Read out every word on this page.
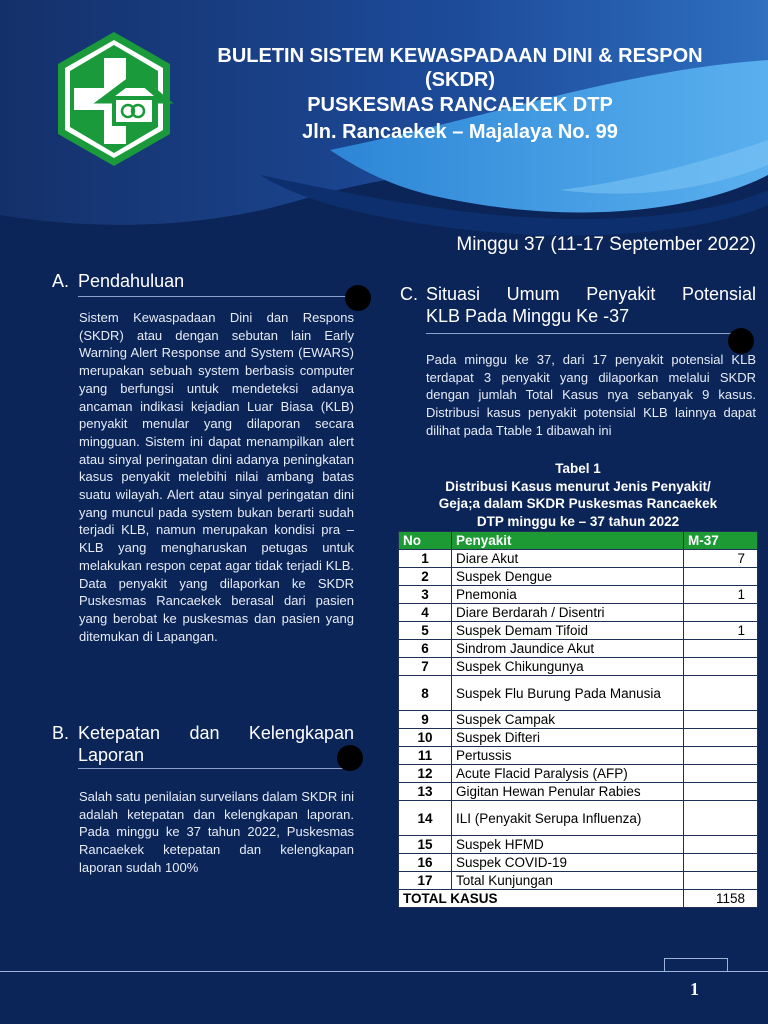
BULETIN SISTEM KEWASPADAAN DINI & RESPON
(SKDR)
PUSKESMAS RANCAEKEK DTP
Jln. Rancaekek – Majalaya No. 99
Minggu 37 (11-17 September 2022)
A. Pendahuluan
Sistem Kewaspadaan Dini dan Respons (SKDR) atau dengan sebutan lain Early Warning Alert Response and System (EWARS) merupakan sebuah system berbasis computer yang berfungsi untuk mendeteksi adanya ancaman indikasi kejadian Luar Biasa (KLB) penyakit menular yang dilaporan secara mingguan. Sistem ini dapat menampilkan alert atau sinyal peringatan dini adanya peningkatan kasus penyakit melebihi nilai ambang batas suatu wilayah. Alert atau sinyal peringatan dini yang muncul pada system bukan berarti sudah terjadi KLB, namun merupakan kondisi pra – KLB yang mengharuskan petugas untuk melakukan respon cepat agar tidak terjadi KLB. Data penyakit yang dilaporkan ke SKDR Puskesmas Rancaekek berasal dari pasien yang berobat ke puskesmas dan pasien yang ditemukan di Lapangan.
B. Ketepatan dan Kelengkapan
Laporan
Salah satu penilaian surveilans dalam SKDR ini adalah ketepatan dan kelengkapan laporan. Pada minggu ke 37 tahun 2022, Puskesmas Rancaekek ketepatan dan kelengkapan laporan sudah 100%
C. Situasi Umum Penyakit Potensial
KLB Pada Minggu Ke -37
Pada minggu ke 37, dari 17 penyakit potensial KLB terdapat 3 penyakit yang dilaporkan melalui SKDR dengan jumlah Total Kasus nya sebanyak 9 kasus. Distribusi kasus penyakit potensial KLB lainnya dapat dilihat pada Ttable 1 dibawah ini
Tabel 1
Distribusi Kasus menurut Jenis Penyakit/
Geja;a dalam SKDR Puskesmas Rancaekek
DTP minggu ke – 37 tahun 2022
No	Penyakit	M-37
1	Diare Akut	7
2	Suspek Dengue	
3	Pnemonia	1
4	Diare Berdarah / Disentri	
5	Suspek Demam Tifoid	1
6	Sindrom Jaundice Akut	
7	Suspek Chikungunya	
8	Suspek Flu Burung Pada Manusia	
9	Suspek Campak	
10	Suspek Difteri	
11	Pertussis	
12	Acute Flacid Paralysis (AFP)	
13	Gigitan Hewan Penular Rabies	
14	ILI (Penyakit Serupa Influenza)	
15	Suspek HFMD	
16	Suspek COVID-19	
17	Total Kunjungan	
TOTAL KASUS		1158
1
